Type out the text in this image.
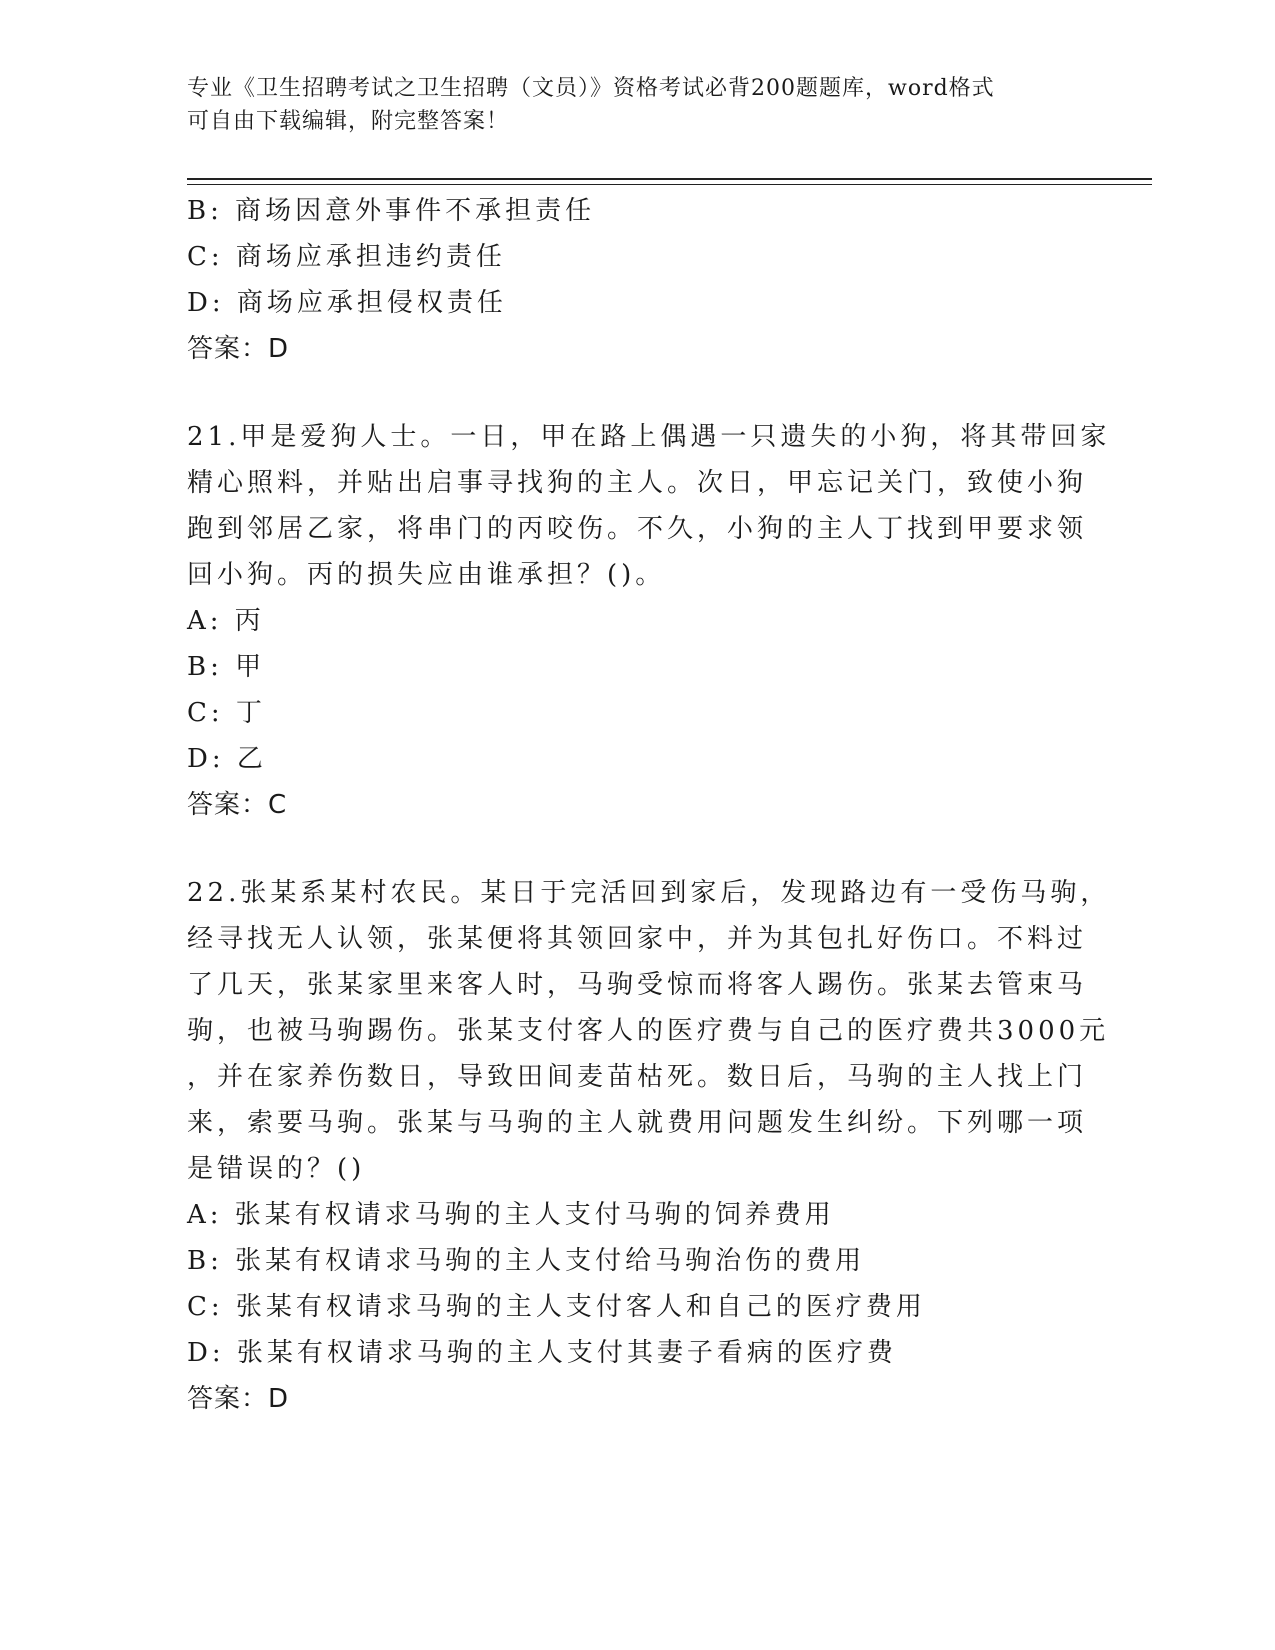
专业《卫生招聘考试之卫生招聘（文员）》资格考试必背200题题库，word格式
可自由下载编辑，附完整答案！
B: 商场因意外事件不承担责任
C: 商场应承担违约责任
D: 商场应承担侵权责任
答案：D
21.甲是爱狗人士。一日，甲在路上偶遇一只遗失的小狗，将其带回家
精心照料，并贴出启事寻找狗的主人。次日，甲忘记关门，致使小狗
跑到邻居乙家，将串门的丙咬伤。不久，小狗的主人丁找到甲要求领
回小狗。丙的损失应由谁承担？()。
A: 丙
B: 甲
C: 丁
D: 乙
答案：C
22.张某系某村农民。某日于完活回到家后，发现路边有一受伤马驹，
经寻找无人认领，张某便将其领回家中，并为其包扎好伤口。不料过
了几天，张某家里来客人时，马驹受惊而将客人踢伤。张某去管束马
驹，也被马驹踢伤。张某支付客人的医疗费与自己的医疗费共3000元
，并在家养伤数日，导致田间麦苗枯死。数日后，马驹的主人找上门
来，索要马驹。张某与马驹的主人就费用问题发生纠纷。下列哪一项
是错误的？()
A: 张某有权请求马驹的主人支付马驹的饲养费用
B: 张某有权请求马驹的主人支付给马驹治伤的费用
C: 张某有权请求马驹的主人支付客人和自己的医疗费用
D: 张某有权请求马驹的主人支付其妻子看病的医疗费
答案：D
